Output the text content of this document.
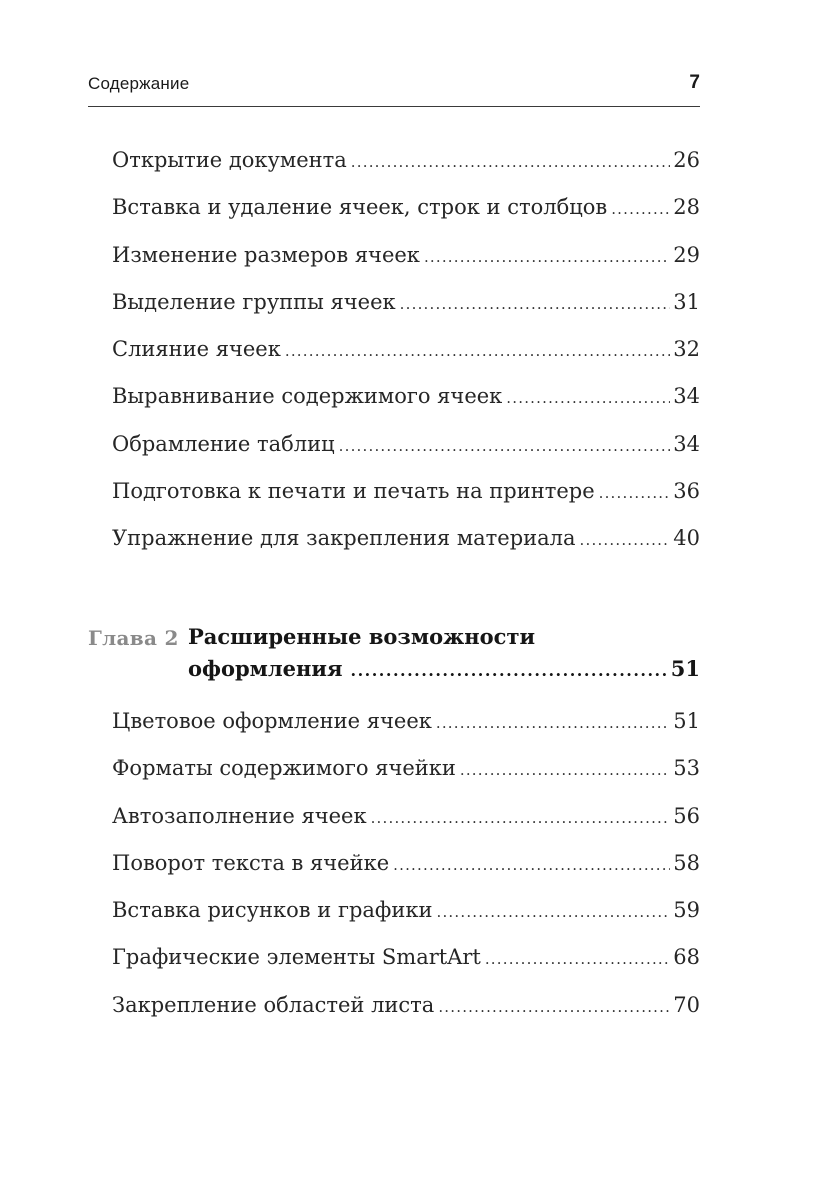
Содержание	7
Открытие документа .....	26
Вставка и удаление ячеек, строк и столбцов .....	28
Изменение размеров ячеек .....	29
Выделение группы ячеек .....	31
Слияние ячеек .....	32
Выравнивание содержимого ячеек .....	34
Обрамление таблиц .....	34
Подготовка к печати и печать на принтере .....	36
Упражнение для закрепления материала .....	40
Глава 2 Расширенные возможности
оформления .....	51
Цветовое оформление ячеек .....	51
Форматы содержимого ячейки .....	53
Автозаполнение ячеек .....	56
Поворот текста в ячейке .....	58
Вставка рисунков и графики .....	59
Графические элементы SmartArt .....	68
Закрепление областей листа .....	70
